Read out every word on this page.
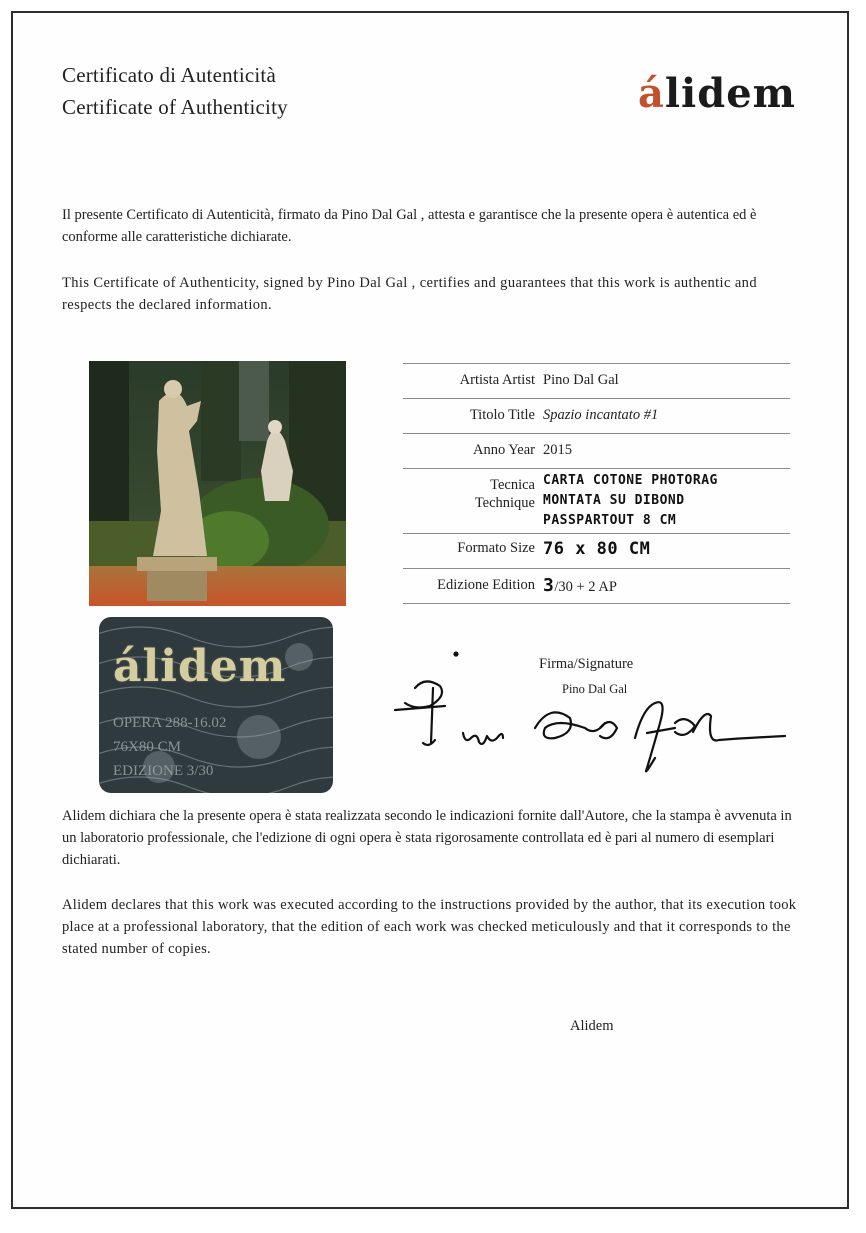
Certificato di Autenticità
Certificate of Authenticity	álidem
Il presente Certificato di Autenticità, firmato da Pino Dal Gal , attesta e garantisce che la presente opera è autentica ed è conforme alle caratteristiche dichiarate.
This Certificate of Authenticity, signed by Pino Dal Gal , certifies and guarantees that this work is authentic and respects the declared information.
álidem
OPERA 288-16.02
76X80 CM
EDIZIONE 3/30
Artista Artist Pino Dal Gal
Titolo Title Spazio incantato #1
Anno Year 2015
Tecnica
Technique
CARTA COTONE PHOTORAG
MONTATA SU DIBOND
PASSPARTOUT 8 CM
Formato Size 76 x 80 CM
Edizione Edition 3/30 + 2 AP
Firma/Signature
Pino Dal Gal
Alidem dichiara che la presente opera è stata realizzata secondo le indicazioni fornite dall'Autore, che la stampa è avvenuta in un laboratorio professionale, che l'edizione di ogni opera è stata rigorosamente controllata ed è pari al numero di esemplari dichiarati.
Alidem declares that this work was executed according to the instructions provided by the author, that its execution took place at a professional laboratory, that the edition of each work was checked meticulously and that it corresponds to the stated number of copies.
Alidem
